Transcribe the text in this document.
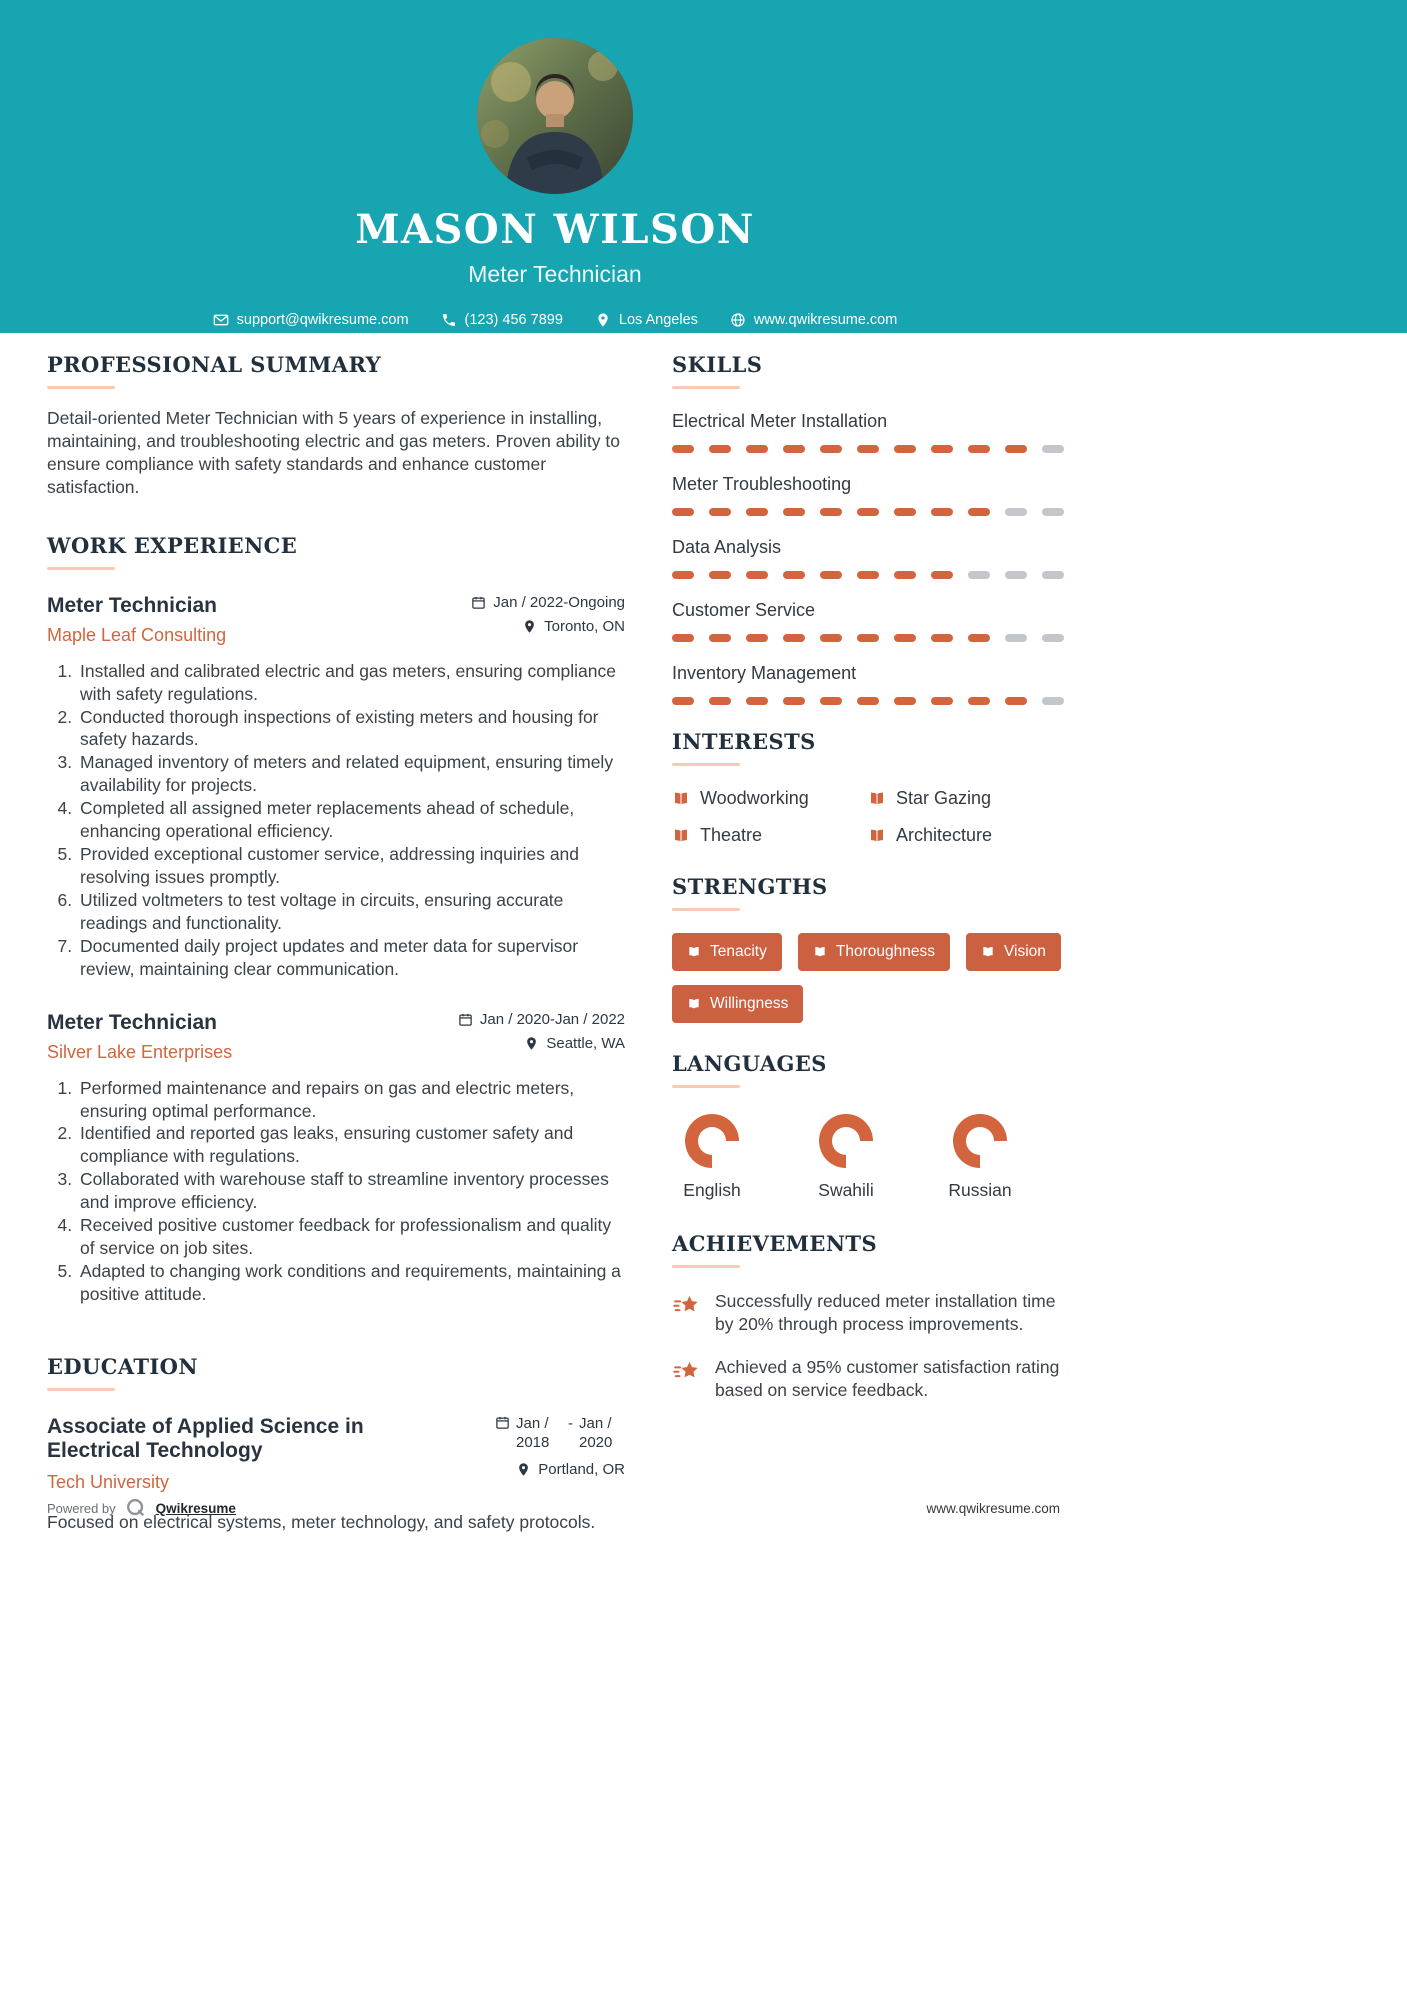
MASON WILSON
Meter Technician
support@qwikresume.com	(123) 456 7899	Los Angeles	www.qwikresume.com
PROFESSIONAL SUMMARY

Detail-oriented Meter Technician with 5 years of experience in installing, maintaining, and troubleshooting electric and gas meters. Proven ability to ensure compliance with safety standards and enhance customer satisfaction.

WORK EXPERIENCE
Meter Technician
Maple Leaf Consulting
Jan / 2022-Ongoing
Toronto, ON
1. Installed and calibrated electric and gas meters, ensuring compliance with safety regulations.
2. Conducted thorough inspections of existing meters and housing for safety hazards.
3. Managed inventory of meters and related equipment, ensuring timely availability for projects.
4. Completed all assigned meter replacements ahead of schedule, enhancing operational efficiency.
5. Provided exceptional customer service, addressing inquiries and resolving issues promptly.
6. Utilized voltmeters to test voltage in circuits, ensuring accurate readings and functionality.
7. Documented daily project updates and meter data for supervisor review, maintaining clear communication.
Meter Technician
Silver Lake Enterprises
Jan / 2020-Jan / 2022
Seattle, WA
1. Performed maintenance and repairs on gas and electric meters, ensuring optimal performance.
2. Identified and reported gas leaks, ensuring customer safety and compliance with regulations.
3. Collaborated with warehouse staff to streamline inventory processes and improve efficiency.
4. Received positive customer feedback for professionalism and quality of service on job sites.
5. Adapted to changing work conditions and requirements, maintaining a positive attitude.
EDUCATION
Associate of Applied Science in Electrical Technology
Tech University
Jan / 2018
- Jan / 2020
Portland, OR

Focused on electrical systems, meter technology, and safety protocols.

SKILLS
Electrical Meter Installation
Meter Troubleshooting
Data Analysis
Customer Service
Inventory Management
INTERESTS
Woodworking	Star Gazing
Theatre	Architecture
STRENGTHS
Tenacity	Thoroughness	Vision
Willingness
LANGUAGES
English	Swahili	Russian
ACHIEVEMENTS
Successfully reduced meter installation time by 20% through process improvements.
Achieved a 95% customer satisfaction rating based on service feedback.
Powered by	Qwikresume	www.qwikresume.com
